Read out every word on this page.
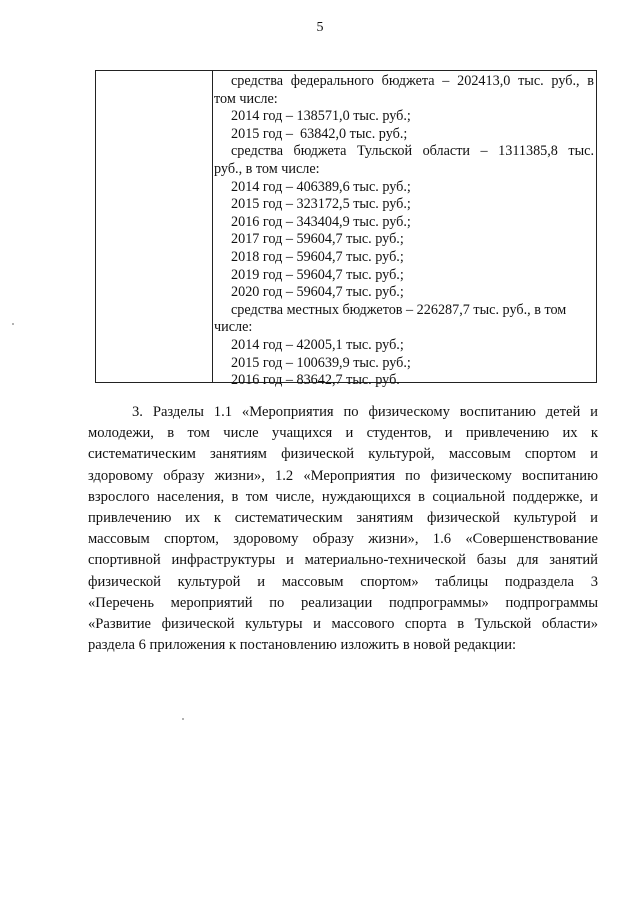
5
средства федерального бюджета – 202413,0 тыс. руб., в
том числе:
2014 год – 138571,0 тыс. руб.;
2015 год –  63842,0 тыс. руб.;
средства бюджета Тульской области – 1311385,8 тыс.
руб., в том числе:
2014 год – 406389,6 тыс. руб.;
2015 год – 323172,5 тыс. руб.;
2016 год – 343404,9 тыс. руб.;
2017 год – 59604,7 тыс. руб.;
2018 год – 59604,7 тыс. руб.;
2019 год – 59604,7 тыс. руб.;
2020 год – 59604,7 тыс. руб.;
средства местных бюджетов – 226287,7 тыс. руб., в том
числе:
2014 год – 42005,1 тыс. руб.;
2015 год – 100639,9 тыс. руб.;
2016 год – 83642,7 тыс. руб.
3. Разделы 1.1 «Мероприятия по физическому воспитанию детей и
молодежи, в том числе учащихся и студентов, и привлечению их к
систематическим занятиям физической культурой, массовым спортом и
здоровому образу жизни», 1.2 «Мероприятия по физическому воспитанию
взрослого населения, в том числе, нуждающихся в социальной поддержке, и
привлечению их к систематическим занятиям физической культурой и
массовым спортом, здоровому образу жизни», 1.6 «Совершенствование
спортивной инфраструктуры и материально-технической базы для занятий
физической культурой и массовым спортом» таблицы подраздела 3
«Перечень мероприятий по реализации подпрограммы» подпрограммы
«Развитие физической культуры и массового спорта в Тульской области»
раздела 6 приложения к постановлению изложить в новой редакции:
